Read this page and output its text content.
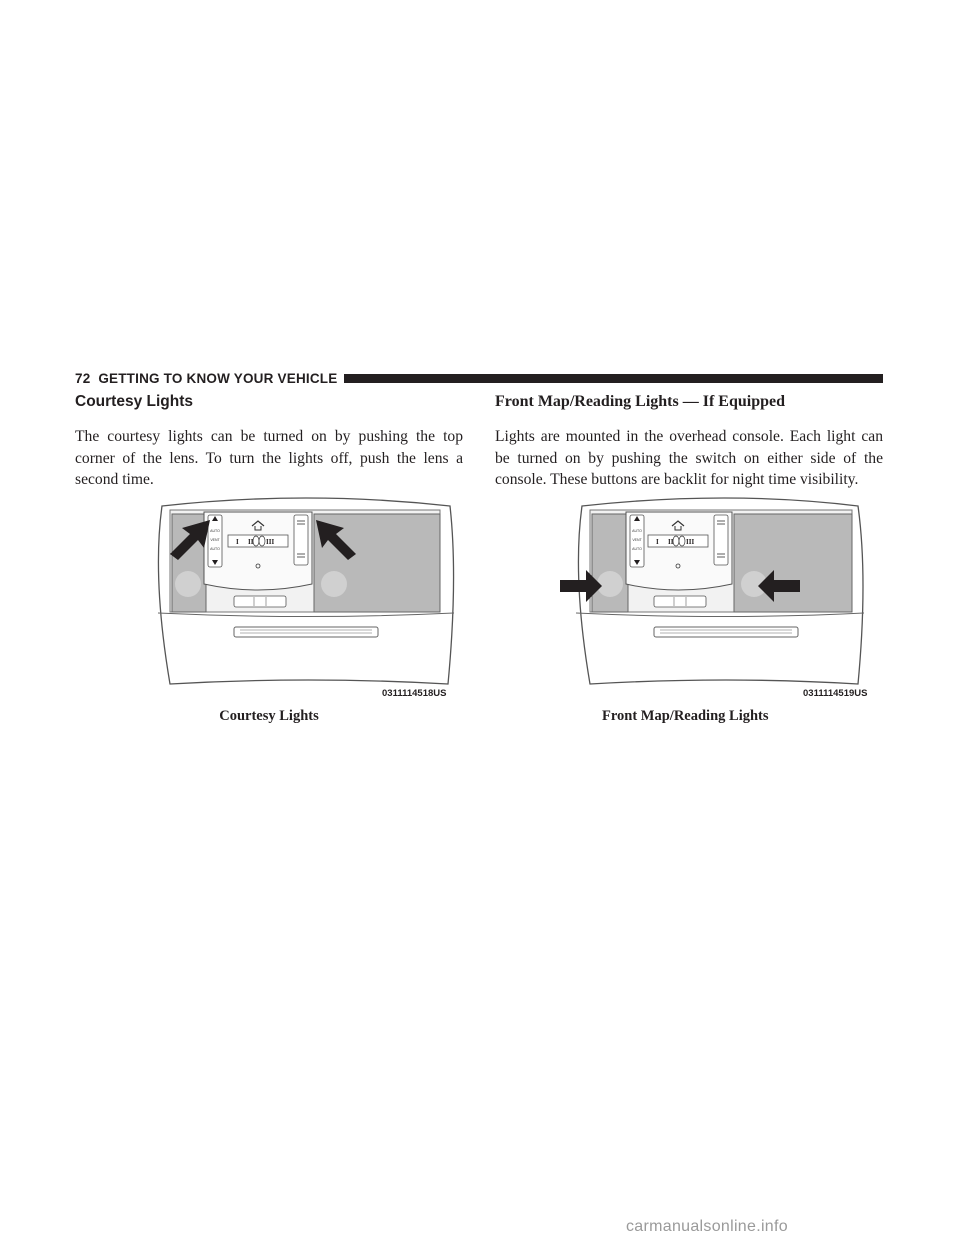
72 GETTING TO KNOW YOUR VEHICLE
Courtesy Lights

The courtesy lights can be turned on by pushing the top corner of the lens. To turn the lights off, push the lens a second time.

Front Map/Reading Lights — If Equipped

Lights are mounted in the overhead console. Each light can be turned on by pushing the switch on either side of the console. These buttons are backlit for night time visibility.

AUTO
VENT
AUTO
I II III
0311114518US
Courtesy Lights
AUTO
VENT
AUTO
I II III
0311114519US
Front Map/Reading Lights
carmanualsonline.info
